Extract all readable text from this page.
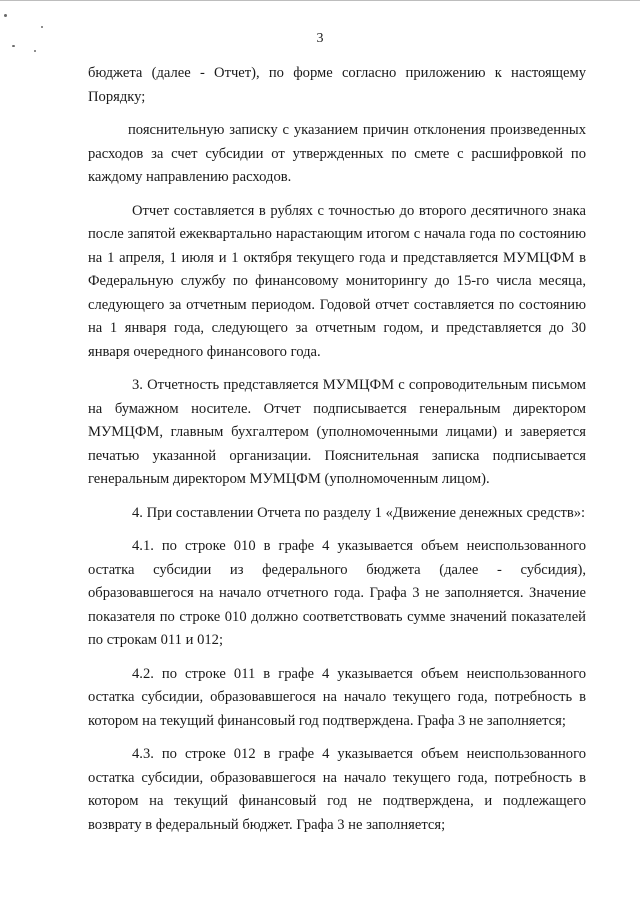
3

бюджета (далее - Отчет), по форме согласно приложению к настоящему Порядку;

пояснительную записку с указанием причин отклонения произведенных расходов за счет субсидии от утвержденных по смете с расшифровкой по каждому направлению расходов.

Отчет составляется в рублях с точностью до второго десятичного знака после запятой ежеквартально нарастающим итогом с начала года по состоянию на 1 апреля, 1 июля и 1 октября текущего года и представляется МУМЦФМ в Федеральную службу по финансовому мониторингу до 15-го числа месяца, следующего за отчетным периодом. Годовой отчет составляется по состоянию на 1 января года, следующего за отчетным годом, и представляется до 30 января очередного финансового года.

3. Отчетность представляется МУМЦФМ с сопроводительным письмом на бумажном носителе. Отчет подписывается генеральным директором МУМЦФМ, главным бухгалтером (уполномоченными лицами) и заверяется печатью указанной организации. Пояснительная записка подписывается генеральным директором МУМЦФМ (уполномоченным лицом).

4. При составлении Отчета по разделу 1 «Движение денежных средств»:

4.1. по строке 010 в графе 4 указывается объем неиспользованного остатка субсидии из федерального бюджета (далее - субсидия), образовавшегося на начало отчетного года. Графа 3 не заполняется. Значение показателя по строке 010 должно соответствовать сумме значений показателей по строкам 011 и 012;

4.2. по строке 011 в графе 4 указывается объем неиспользованного остатка субсидии, образовавшегося на начало текущего года, потребность в котором на текущий финансовый год подтверждена. Графа 3 не заполняется;

4.3. по строке 012 в графе 4 указывается объем неиспользованного остатка субсидии, образовавшегося на начало текущего года, потребность в котором на текущий финансовый год не подтверждена, и подлежащего возврату в федеральный бюджет. Графа 3 не заполняется;
